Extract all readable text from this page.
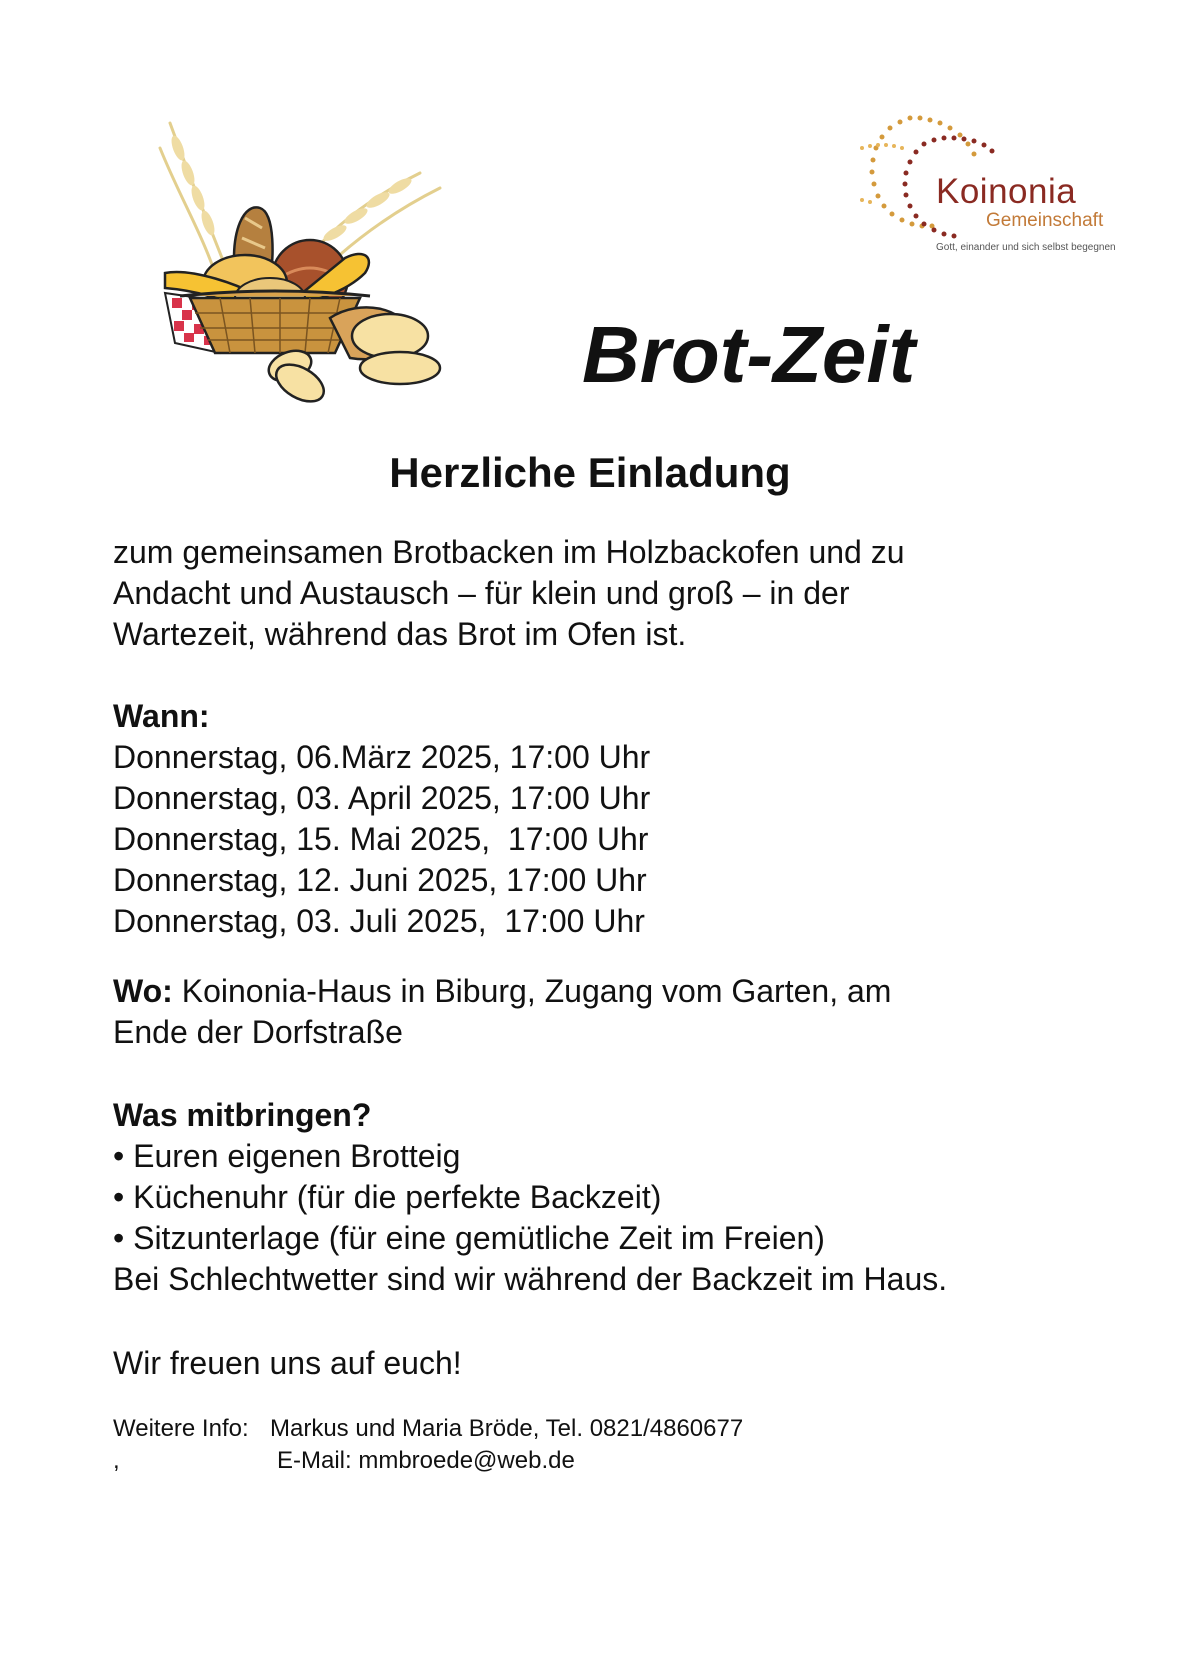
Koinonia
Gemeinschaft
Gott, einander und sich selbst begegnen
Brot-Zeit
Herzliche Einladung
zum gemeinsamen Brotbacken im Holzbackofen und zu
Andacht und Austausch – für klein und groß – in der
Wartezeit, während das Brot im Ofen ist.
Wann:
Donnerstag, 06.März 2025, 17:00 Uhr
Donnerstag, 03. April 2025, 17:00 Uhr
Donnerstag, 15. Mai 2025,  17:00 Uhr
Donnerstag, 12. Juni 2025, 17:00 Uhr
Donnerstag, 03. Juli 2025,  17:00 Uhr
Wo: Koinonia-Haus in Biburg, Zugang vom Garten, am
Ende der Dorfstraße
Was mitbringen?
• Euren eigenen Brotteig
• Küchenuhr (für die perfekte Backzeit)
• Sitzunterlage (für eine gemütliche Zeit im Freien)
Bei Schlechtwetter sind wir während der Backzeit im Haus.
Wir freuen uns auf euch!
Weitere Info: Markus und Maria Bröde, Tel. 0821/4860677
,	E-Mail: mmbroede@web.de
